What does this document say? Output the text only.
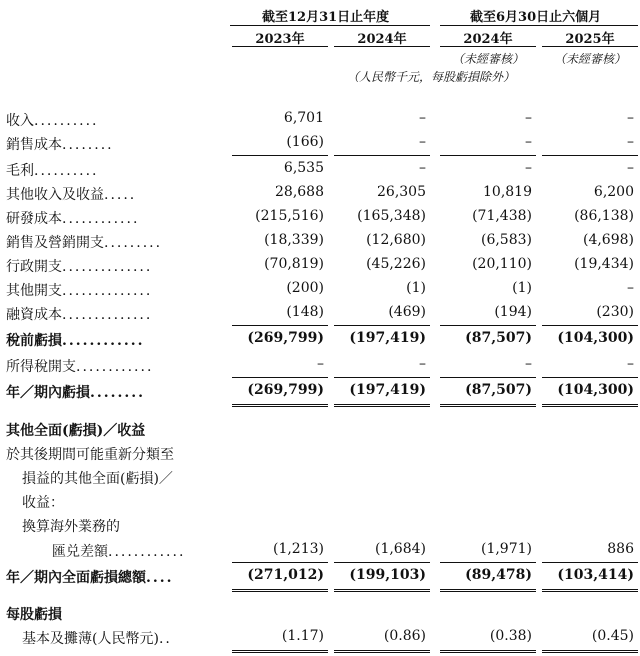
截至12月31日止年度	截至6月30日止六個月
2023年	2024年	2024年	2025年
（未經審核）	（未經審核）
（人民幣千元，每股虧損除外）
收入..........	6,701	–	–	–
銷售成本........	(166)	–	–	–
毛利..........	6,535	–	–	–
其他收入及收益.....	28,688	26,305	10,819	6,200
研發成本............	(215,516)	(165,348)	(71,438)	(86,138)
銷售及營銷開支.........	(18,339)	(12,680)	(6,583)	(4,698)
行政開支..............	(70,819)	(45,226)	(20,110)	(19,434)
其他開支..............	(200)	(1)	(1)	–
融資成本..............	(148)	(469)	(194)	(230)
稅前虧損............	(269,799)	(197,419)	(87,507)	(104,300)
所得稅開支............	–	–	–	–
年／期內虧損........	(269,799)	(197,419)	(87,507)	(104,300)
其他全面(虧損)／收益
於其後期間可能重新分類至
損益的其他全面(虧損)／
收益：
換算海外業務的
匯兑差額............	(1,213)	(1,684)	(1,971)	886
年／期內全面虧損總額....	(271,012)	(199,103)	(89,478)	(103,414)
每股虧損
基本及攤薄(人民幣元)..	(1.17)	(0.86)	(0.38)	(0.45)
